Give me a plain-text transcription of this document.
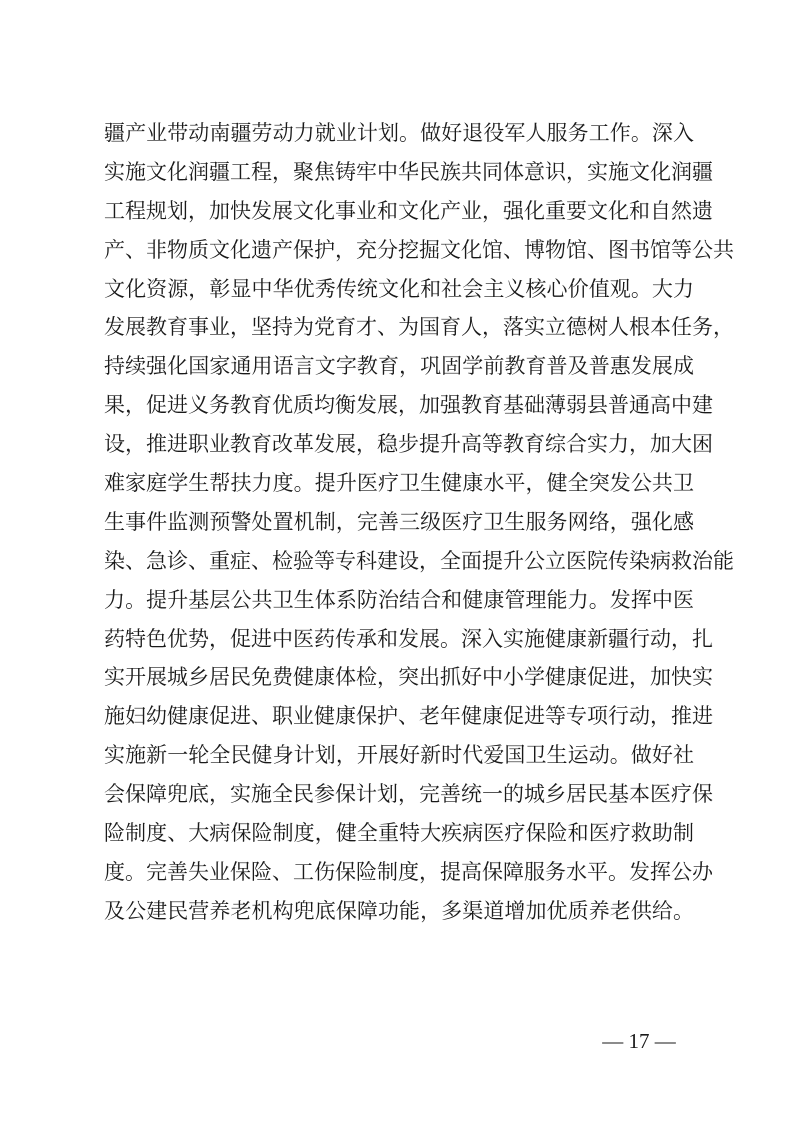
疆产业带动南疆劳动力就业计划。做好退役军人服务工作。深入
实施文化润疆工程，聚焦铸牢中华民族共同体意识，实施文化润疆
工程规划，加快发展文化事业和文化产业，强化重要文化和自然遗
产、非物质文化遗产保护，充分挖掘文化馆、博物馆、图书馆等公共
文化资源，彰显中华优秀传统文化和社会主义核心价值观。大力
发展教育事业，坚持为党育才、为国育人，落实立德树人根本任务，
持续强化国家通用语言文字教育，巩固学前教育普及普惠发展成
果，促进义务教育优质均衡发展，加强教育基础薄弱县普通高中建
设，推进职业教育改革发展，稳步提升高等教育综合实力，加大困
难家庭学生帮扶力度。提升医疗卫生健康水平，健全突发公共卫
生事件监测预警处置机制，完善三级医疗卫生服务网络，强化感
染、急诊、重症、检验等专科建设，全面提升公立医院传染病救治能
力。提升基层公共卫生体系防治结合和健康管理能力。发挥中医
药特色优势，促进中医药传承和发展。深入实施健康新疆行动，扎
实开展城乡居民免费健康体检，突出抓好中小学健康促进，加快实
施妇幼健康促进、职业健康保护、老年健康促进等专项行动，推进
实施新一轮全民健身计划，开展好新时代爱国卫生运动。做好社
会保障兜底，实施全民参保计划，完善统一的城乡居民基本医疗保
险制度、大病保险制度，健全重特大疾病医疗保险和医疗救助制
度。完善失业保险、工伤保险制度，提高保障服务水平。发挥公办
及公建民营养老机构兜底保障功能，多渠道增加优质养老供给。
— 17 —
